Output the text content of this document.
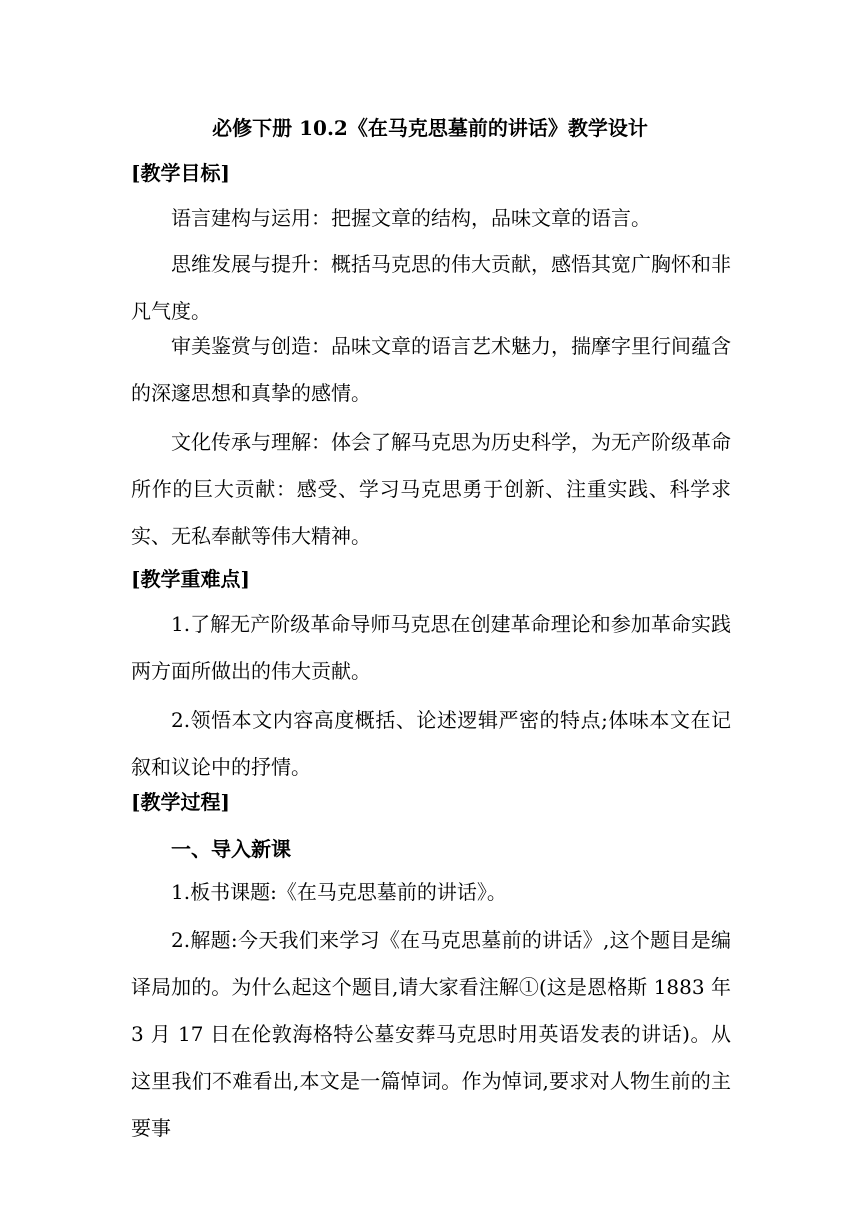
必修下册 10.2《在马克思墓前的讲话》教学设计
[教学目标]
语言建构与运用：把握文章的结构，品味文章的语言。
思维发展与提升：概括马克思的伟大贡献，感悟其宽广胸怀和非凡气度。
审美鉴赏与创造：品味文章的语言艺术魅力，揣摩字里行间蕴含的深邃思想和真挚的感情。
文化传承与理解：体会了解马克思为历史科学，为无产阶级革命所作的巨大贡献：感受、学习马克思勇于创新、注重实践、科学求实、无私奉献等伟大精神。
[教学重难点]
1.了解无产阶级革命导师马克思在创建革命理论和参加革命实践两方面所做出的伟大贡献。
2.领悟本文内容高度概括、论述逻辑严密的特点;体味本文在记叙和议论中的抒情。
[教学过程]
一、导入新课
1.板书课题:《在马克思墓前的讲话》。
2.解题:今天我们来学习《在马克思墓前的讲话》,这个题目是编译局加的。为什么起这个题目,请大家看注解①(这是恩格斯 1883 年 3 月 17 日在伦敦海格特公墓安葬马克思时用英语发表的讲话)。从这里我们不难看出,本文是一篇悼词。作为悼词,要求对人物生前的主要事
